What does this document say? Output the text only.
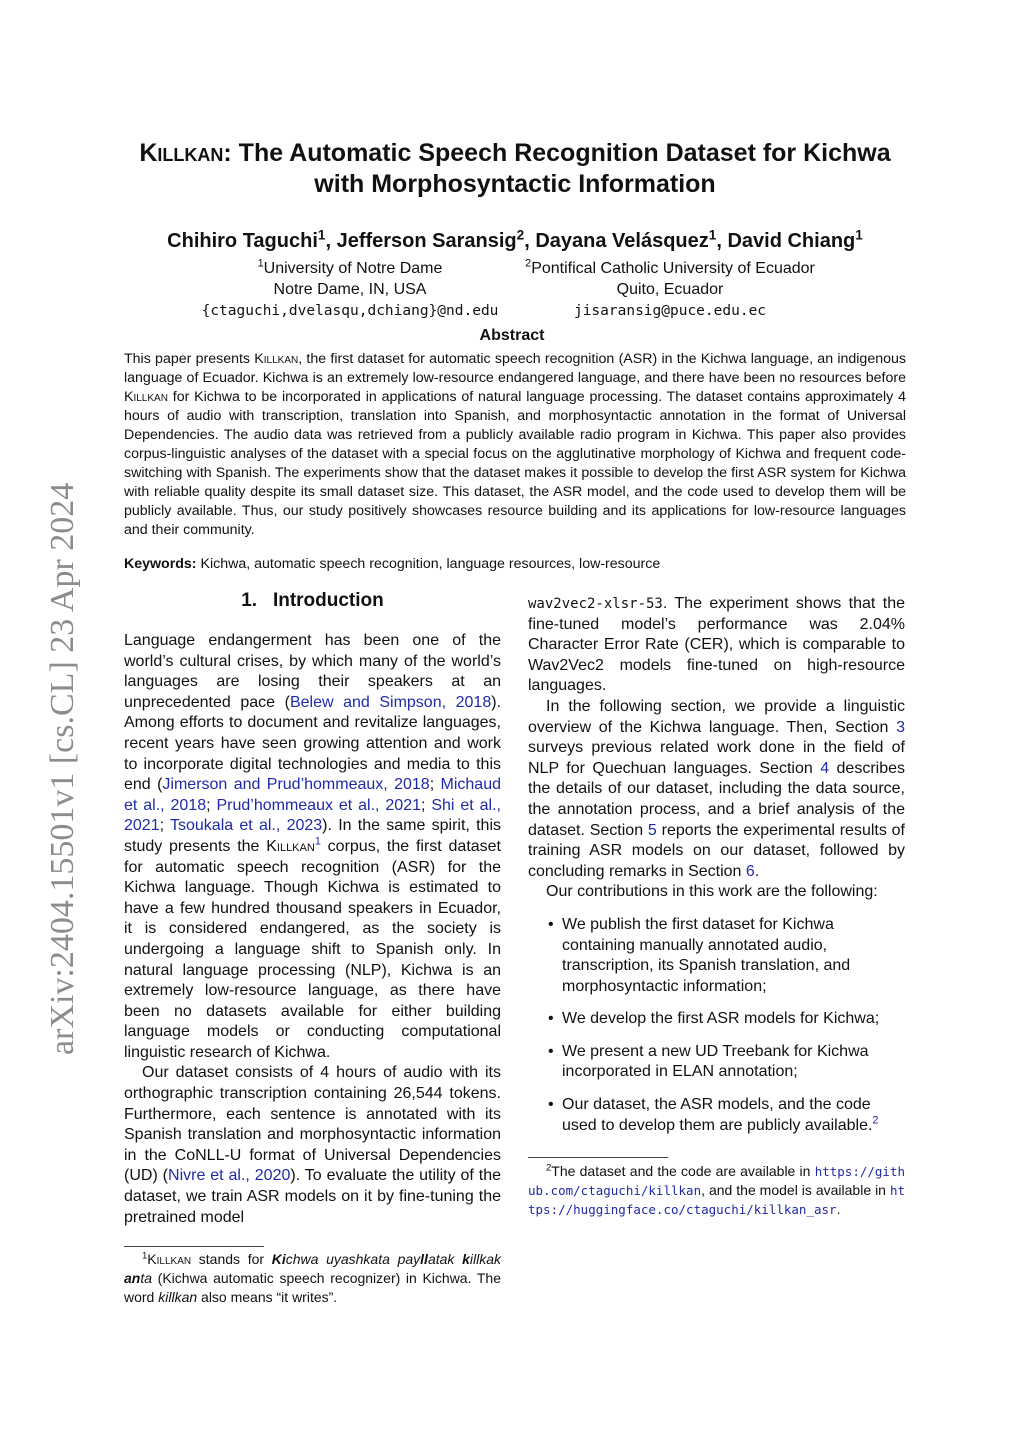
arXiv:2404.15501v1 [cs.CL] 23 Apr 2024
Killkan: The Automatic Speech Recognition Dataset for Kichwa
with Morphosyntactic Information
Chihiro Taguchi$^1$, Jefferson Saransig$^2$, Dayana Velásquez$^1$, David Chiang$^1$
$^1$University of Notre Dame
Notre Dame, IN, USA
{ctaguchi,dvelasqu,dchiang}@nd.edu
$^2$Pontifical Catholic University of Ecuador
Quito, Ecuador
jisaransig@puce.edu.ec
Abstract
This paper presents Killkan, the first dataset for automatic speech recognition (ASR) in the Kichwa language, an indigenous language of Ecuador. Kichwa is an extremely low-resource endangered language, and there have been no resources before Killkan for Kichwa to be incorporated in applications of natural language processing. The dataset contains approximately 4 hours of audio with transcription, translation into Spanish, and morphosyntactic annotation in the format of Universal Dependencies. The audio data was retrieved from a publicly available radio program in Kichwa. This paper also provides corpus-linguistic analyses of the dataset with a special focus on the agglutinative morphology of Kichwa and frequent code-switching with Spanish. The experiments show that the dataset makes it possible to develop the first ASR system for Kichwa with reliable quality despite its small dataset size. This dataset, the ASR model, and the code used to develop them will be publicly available. Thus, our study positively showcases resource building and its applications for low-resource languages and their community.
Keywords: Kichwa, automatic speech recognition, language resources, low-resource
1. Introduction

Language endangerment has been one of the world’s cultural crises, by which many of the world’s languages are losing their speakers at an unprecedented pace (Belew and Simpson, 2018). Among efforts to document and revitalize languages, recent years have seen growing attention and work to incorporate digital technologies and media to this end (Jimerson and Prud’hommeaux, 2018; Michaud et al., 2018; Prud’hommeaux et al., 2021; Shi et al., 2021; Tsoukala et al., 2023). In the same spirit, this study presents the Killkan$^1$ corpus, the first dataset for automatic speech recognition (ASR) for the Kichwa language. Though Kichwa is estimated to have a few hundred thousand speakers in Ecuador, it is considered endangered, as the society is undergoing a language shift to Spanish only. In natural language processing (NLP), Kichwa is an extremely low-resource language, as there have been no datasets available for either building language models or conducting computational linguistic research of Kichwa.

Our dataset consists of 4 hours of audio with its orthographic transcription containing 26,544 tokens. Furthermore, each sentence is annotated with its Spanish translation and morphosyntactic information in the CoNLL-U format of Universal Dependencies (UD) (Nivre et al., 2020). To evaluate the utility of the dataset, we train ASR models on it by fine-tuning the pretrained model

$^1$Killkan stands for Kichwa uyashkata payllatak killkak anta (Kichwa automatic speech recognizer) in Kichwa. The word killkan also means “it writes”.

wav2vec2-xlsr-53. The experiment shows that the fine-tuned model’s performance was 2.04% Character Error Rate (CER), which is comparable to Wav2Vec2 models fine-tuned on high-resource languages.

In the following section, we provide a linguistic overview of the Kichwa language. Then, Section 3 surveys previous related work done in the field of NLP for Quechuan languages. Section 4 describes the details of our dataset, including the data source, the annotation process, and a brief analysis of the dataset. Section 5 reports the experimental results of training ASR models on our dataset, followed by concluding remarks in Section 6.

Our contributions in this work are the following:

• We publish the first dataset for Kichwa containing manually annotated audio, transcription, its Spanish translation, and morphosyntactic information;
• We develop the first ASR models for Kichwa;
• We present a new UD Treebank for Kichwa incorporated in ELAN annotation;
• Our dataset, the ASR models, and the code used to develop them are publicly available.$^2$
$^2$The dataset and the code are available in https://github.com/ctaguchi/killkan, and the model is available in https://huggingface.co/ctaguchi/killkan_asr.
